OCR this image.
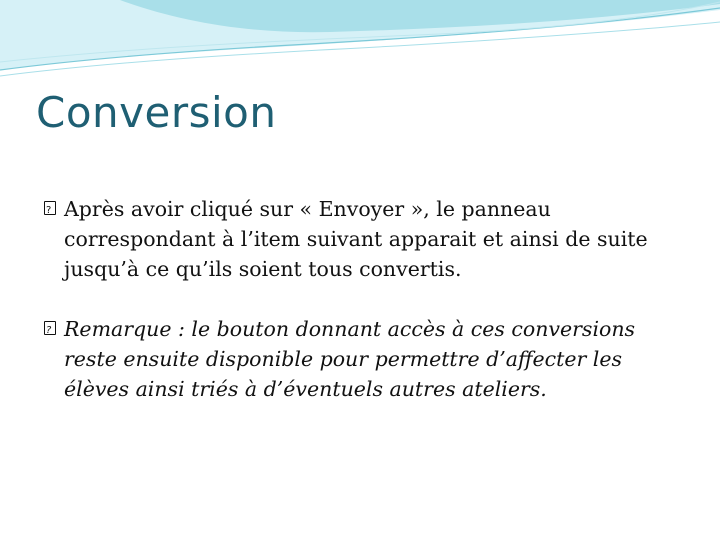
Conversion
?
Après avoir cliqué sur « Envoyer », le panneau correspondant à l’item suivant apparait et ainsi de suite jusqu’à ce qu’ils soient tous convertis.
?
Remarque : le bouton donnant accès à ces conversions reste ensuite disponible pour permettre d’affecter les élèves ainsi triés à d’éventuels autres ateliers.
